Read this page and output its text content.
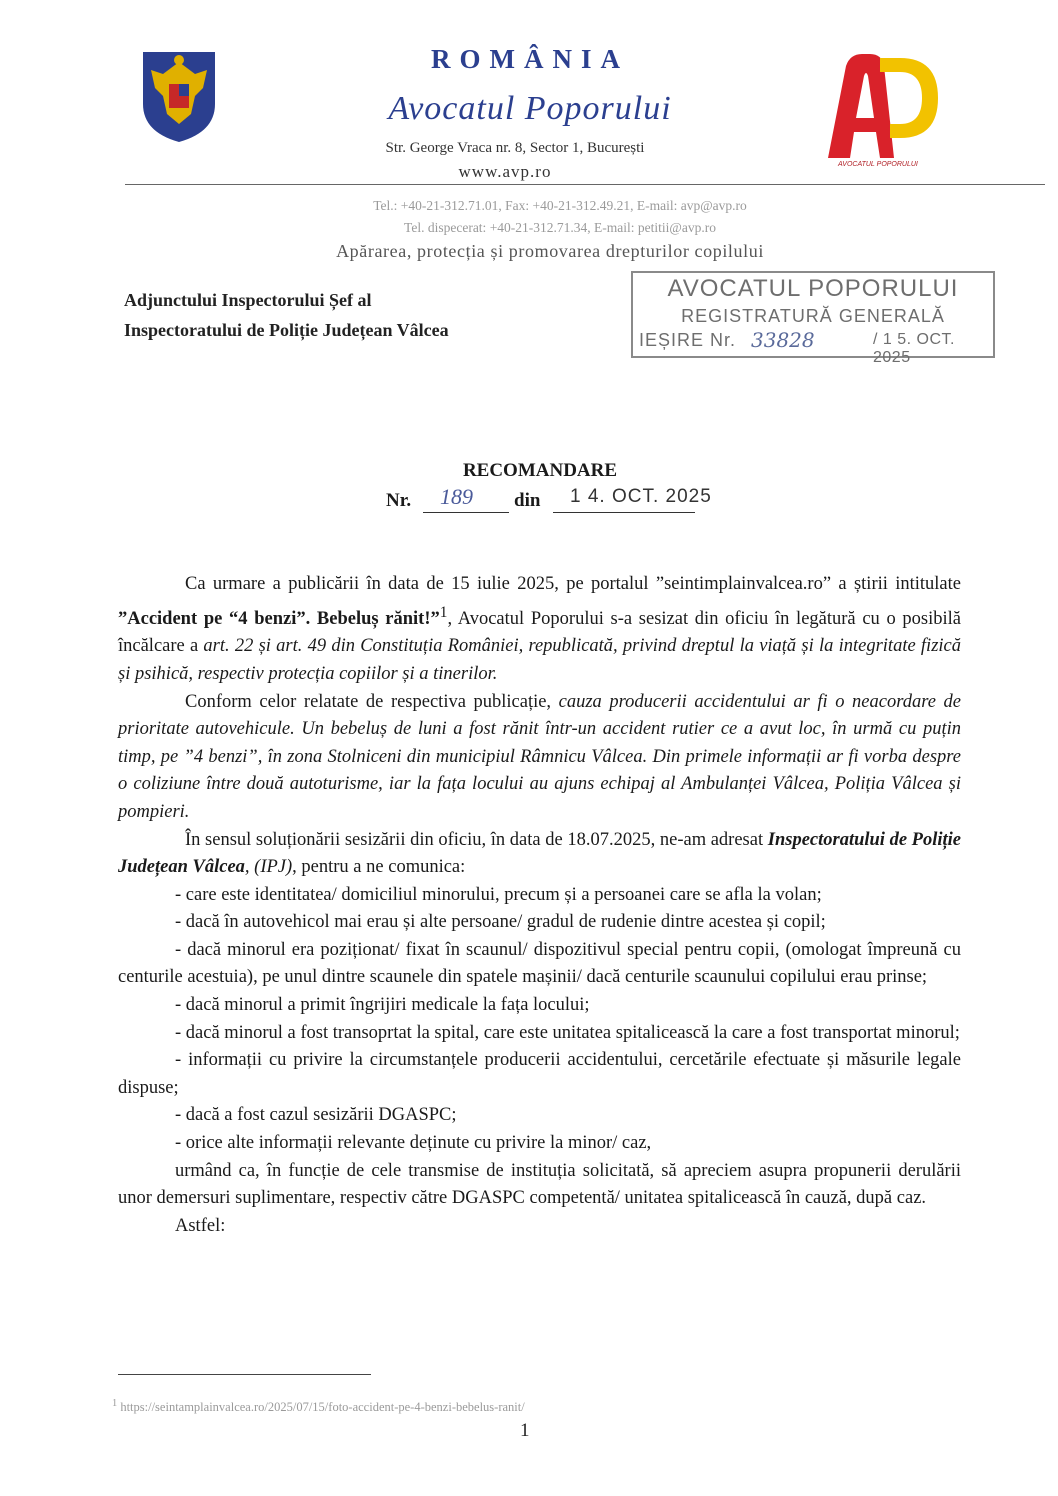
ROMÂNIA
Avocatul Poporului
Str. George Vraca nr. 8, Sector 1, București
www.avp.ro
Tel.: +40-21-312.71.01, Fax: +40-21-312.49.21, E-mail: avp@avp.ro
Tel. dispecerat: +40-21-312.71.34, E-mail: petitii@avp.ro
Apărarea, protecția și promovarea drepturilor copilului
AVOCATUL POPORULUI
Adjunctului Inspectorului Șef al
Inspectoratului de Poliție Județean Vâlcea
AVOCATUL POPORULUI
REGISTRATURĂ GENERALĂ
IEȘIRE Nr. 33828	/ 1 5. OCT. 2025
RECOMANDARE
Nr. 189 din 1 4. OCT. 2025

Ca urmare a publicării în data de 15 iulie 2025, pe portalul ”seintimplainvalcea.ro” a știrii intitulate ”Accident pe “4 benzi”. Bebeluș rănit!”$^1$, Avocatul Poporului s-a sesizat din oficiu în legătură cu o posibilă încălcare a art. 22 și art. 49 din Constituția României, republicată, privind dreptul la viață și la integritate fizică și psihică, respectiv protecția copiilor și a tinerilor.

Conform celor relatate de respectiva publicație, cauza producerii accidentului ar fi o neacordare de prioritate autovehicule. Un bebeluș de luni a fost rănit într-un accident rutier ce a avut loc, în urmă cu puțin timp, pe ”4 benzi”, în zona Stolniceni din municipiul Râmnicu Vâlcea. Din primele informații ar fi vorba despre o coliziune între două autoturisme, iar la fața locului au ajuns echipaj al Ambulanței Vâlcea, Poliția Vâlcea și pompieri.

În sensul soluționării sesizării din oficiu, în data de 18.07.2025, ne-am adresat Inspectoratului de Poliție Județean Vâlcea, (IPJ), pentru a ne comunica:

- care este identitatea/ domiciliul minorului, precum și a persoanei care se afla la volan;

- dacă în autovehicol mai erau și alte persoane/ gradul de rudenie dintre acestea și copil;

- dacă minorul era poziționat/ fixat în scaunul/ dispozitivul special pentru copii, (omologat împreună cu centurile acestuia), pe unul dintre scaunele din spatele mașinii/ dacă centurile scaunului copilului erau prinse;

- dacă minorul a primit îngrijiri medicale la fața locului;

- dacă minorul a fost transoprtat la spital, care este unitatea spitalicească la care a fost transportat minorul;

- informații cu privire la circumstanțele producerii accidentului, cercetările efectuate și măsurile legale dispuse;

- dacă a fost cazul sesizării DGASPC;

- orice alte informații relevante deținute cu privire la minor/ caz,

urmând ca, în funcție de cele transmise de instituția solicitată, să apreciem asupra propunerii derulării unor demersuri suplimentare, respectiv către DGASPC competentă/ unitatea spitalicească în cauză, după caz.

Astfel:

$^1$ https://seintamplainvalcea.ro/2025/07/15/foto-accident-pe-4-benzi-bebelus-ranit/
1
